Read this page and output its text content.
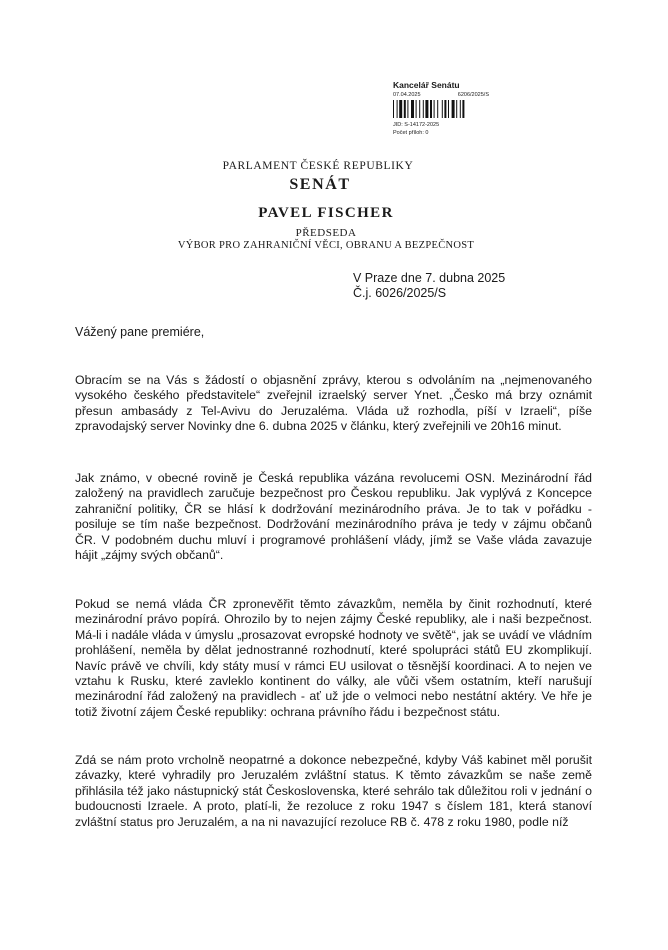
Kancelář Senátu
07.04.2025	6206/2025/S
JID: S-14172-2025
Počet příloh: 0
PARLAMENT ČESKÉ REPUBLIKY
SENÁT
PAVEL FISCHER
PŘEDSEDA
VÝBOR PRO ZAHRANIČNÍ VĚCI, OBRANU A BEZPEČNOST
V Praze dne 7. dubna 2025
Č.j. 6026/2025/S
Vážený pane premiére,

Obracím se na Vás s žádostí o objasnění zprávy, kterou s odvoláním na „nejmenovaného vysokého českého představitele“ zveřejnil izraelský server Ynet. „Česko má brzy oznámit přesun ambasády z Tel-Avivu do Jeruzaléma. Vláda už rozhodla, píší v Izraeli“, píše zpravodajský server Novinky dne 6. dubna 2025 v článku, který zveřejnili ve 20h16 minut.

Jak známo, v obecné rovině je Česká republika vázána revolucemi OSN. Mezinárodní řád založený na pravidlech zaručuje bezpečnost pro Českou republiku. Jak vyplývá z Koncepce zahraniční politiky, ČR se hlásí k dodržování mezinárodního práva. Je to tak v pořádku - posiluje se tím naše bezpečnost. Dodržování mezinárodního práva je tedy v zájmu občanů ČR. V podobném duchu mluví i programové prohlášení vlády, jímž se Vaše vláda zavazuje hájit „zájmy svých občanů“.

Pokud se nemá vláda ČR zpronevěřit těmto závazkům, neměla by činit rozhodnutí, které mezinárodní právo popírá. Ohrozilo by to nejen zájmy České republiky, ale i naši bezpečnost. Má-li i nadále vláda v úmyslu „prosazovat evropské hodnoty ve světě“, jak se uvádí ve vládním prohlášení, neměla by dělat jednostranné rozhodnutí, které spolupráci států EU zkomplikují. Navíc právě ve chvíli, kdy státy musí v rámci EU usilovat o těsnější koordinaci. A to nejen ve vztahu k Rusku, které zavleklo kontinent do války, ale vůči všem ostatním, kteří narušují mezinárodní řád založený na pravidlech - ať už jde o velmoci nebo nestátní aktéry. Ve hře je totiž životní zájem České republiky: ochrana právního řádu i bezpečnost státu.

Zdá se nám proto vrcholně neopatrné a dokonce nebezpečné, kdyby Váš kabinet měl porušit závazky, které vyhradily pro Jeruzalém zvláštní status. K těmto závazkům se naše země přihlásila též jako nástupnický stát Československa, které sehrálo tak důležitou roli v jednání o budoucnosti Izraele. A proto, platí-li, že rezoluce z roku 1947 s číslem 181, která stanoví zvláštní status pro Jeruzalém, a na ni navazující rezoluce RB č. 478 z roku 1980, podle níž
